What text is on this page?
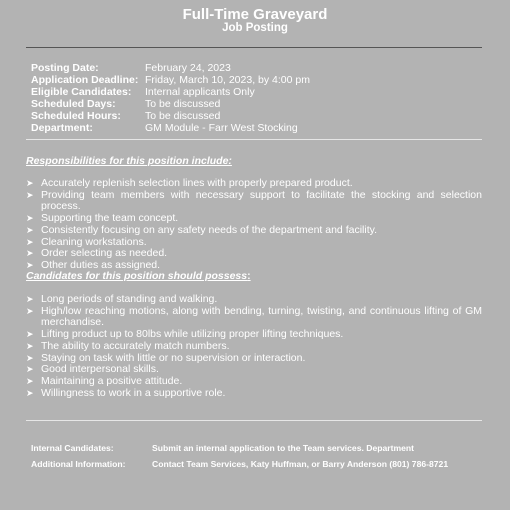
Full-Time Graveyard
Job Posting
Posting Date:	February 24, 2023
Application Deadline: Friday, March 10, 2023, by 4:00 pm
Eligible Candidates:	Internal applicants Only
Scheduled Days:	To be discussed
Scheduled Hours:	To be discussed
Department:	GM Module - Farr West Stocking
Responsibilities for this position include:
➤ Accurately replenish selection lines with properly prepared product.
➤ Providing team members with necessary support to facilitate the stocking and selection process.
➤ Supporting the team concept.
➤ Consistently focusing on any safety needs of the department and facility.
➤ Cleaning workstations.
➤ Order selecting as needed.
➤ Other duties as assigned.
Candidates for this position should possess:
➤ Long periods of standing and walking.
➤ High/low reaching motions, along with bending, turning, twisting, and continuous lifting of GM merchandise.
➤ Lifting product up to 80lbs while utilizing proper lifting techniques.
➤ The ability to accurately match numbers.
➤ Staying on task with little or no supervision or interaction.
➤ Good interpersonal skills.
➤ Maintaining a positive attitude.
➤ Willingness to work in a supportive role.
Internal Candidates:	Submit an internal application to the Team services. Department
Additional Information:	Contact Team Services, Katy Huffman, or Barry Anderson (801) 786-8721
